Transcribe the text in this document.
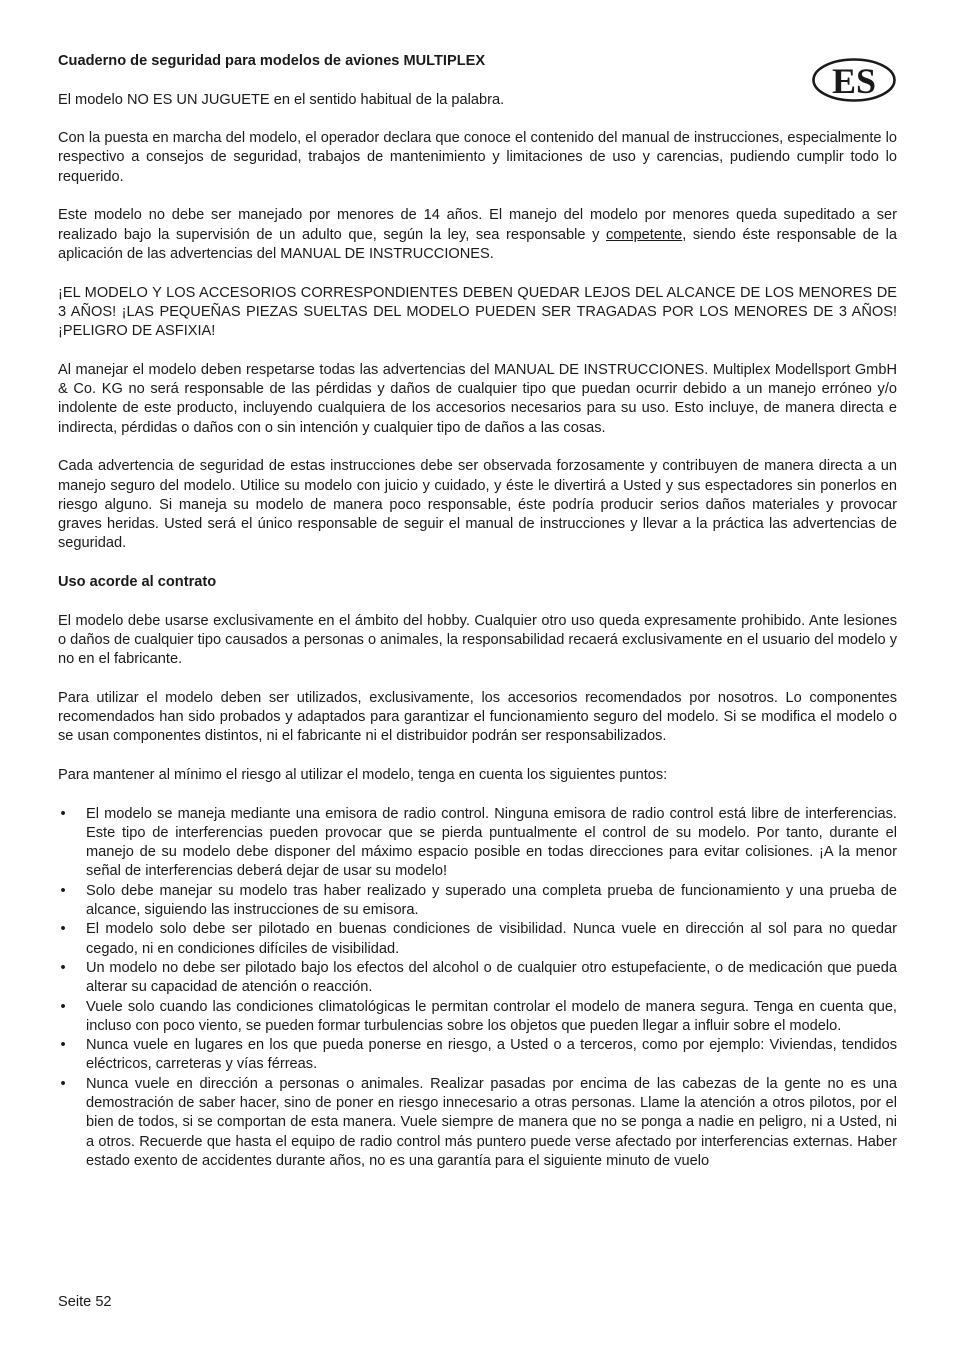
ES
Cuaderno de seguridad para modelos de aviones MULTIPLEX

El modelo NO ES UN JUGUETE en el sentido habitual de la palabra.

Con la puesta en marcha del modelo, el operador declara que conoce el contenido del manual de instrucciones, especialmente lo respectivo a consejos de seguridad, trabajos de mantenimiento y limitaciones de uso y carencias, pudiendo cumplir todo lo requerido.

Este modelo no debe ser manejado por menores de 14 años. El manejo del modelo por menores queda supeditado a ser realizado bajo la supervisión de un adulto que, según la ley, sea responsable y competente, siendo éste responsable de la aplicación de las advertencias del MANUAL DE INSTRUCCIONES.

¡EL MODELO Y LOS ACCESORIOS CORRESPONDIENTES DEBEN QUEDAR LEJOS DEL ALCANCE DE LOS MENORES DE 3 AÑOS! ¡LAS PEQUEÑAS PIEZAS SUELTAS DEL MODELO PUEDEN SER TRAGADAS POR LOS MENORES DE 3 AÑOS! ¡PELIGRO DE ASFIXIA!

Al manejar el modelo deben respetarse todas las advertencias del MANUAL DE INSTRUCCIONES. Multiplex Modellsport GmbH & Co. KG no será responsable de las pérdidas y daños de cualquier tipo que puedan ocurrir debido a un manejo erróneo y/o indolente de este producto, incluyendo cualquiera de los accesorios necesarios para su uso. Esto incluye, de manera directa e indirecta, pérdidas o daños con o sin intención y cualquier tipo de daños a las cosas.

Cada advertencia de seguridad de estas instrucciones debe ser observada forzosamente y contribuyen de manera directa a un manejo seguro del modelo. Utilice su modelo con juicio y cuidado, y éste le divertirá a Usted y sus espectadores sin ponerlos en riesgo alguno. Si maneja su modelo de manera poco responsable, éste podría producir serios daños materiales y provocar graves heridas. Usted será el único responsable de seguir el manual de instrucciones y llevar a la práctica las advertencias de seguridad.

Uso acorde al contrato

El modelo debe usarse exclusivamente en el ámbito del hobby. Cualquier otro uso queda expresamente prohibido. Ante lesiones o daños de cualquier tipo causados a personas o animales, la responsabilidad recaerá exclusivamente en el usuario del modelo y no en el fabricante.

Para utilizar el modelo deben ser utilizados, exclusivamente, los accesorios recomendados por nosotros. Lo componentes recomendados han sido probados y adaptados para garantizar el funcionamiento seguro del modelo. Si se modifica el modelo o se usan componentes distintos, ni el fabricante ni el distribuidor podrán ser responsabilizados.

Para mantener al mínimo el riesgo al utilizar el modelo, tenga en cuenta los siguientes puntos:

• El modelo se maneja mediante una emisora de radio control. Ninguna emisora de radio control está libre de interferencias. Este tipo de interferencias pueden provocar que se pierda puntualmente el control de su modelo. Por tanto, durante el manejo de su modelo debe disponer del máximo espacio posible en todas direcciones para evitar colisiones. ¡A la menor señal de interferencias deberá dejar de usar su modelo!
• Solo debe manejar su modelo tras haber realizado y superado una completa prueba de funcionamiento y una prueba de alcance, siguiendo las instrucciones de su emisora.
• El modelo solo debe ser pilotado en buenas condiciones de visibilidad. Nunca vuele en dirección al sol para no quedar cegado, ni en condiciones difíciles de visibilidad.
• Un modelo no debe ser pilotado bajo los efectos del alcohol o de cualquier otro estupefaciente, o de medicación que pueda alterar su capacidad de atención o reacción.
• Vuele solo cuando las condiciones climatológicas le permitan controlar el modelo de manera segura. Tenga en cuenta que, incluso con poco viento, se pueden formar turbulencias sobre los objetos que pueden llegar a influir sobre el modelo.
• Nunca vuele en lugares en los que pueda ponerse en riesgo, a Usted o a terceros, como por ejemplo: Viviendas, tendidos eléctricos, carreteras y vías férreas.
• Nunca vuele en dirección a personas o animales. Realizar pasadas por encima de las cabezas de la gente no es una demostración de saber hacer, sino de poner en riesgo innecesario a otras personas. Llame la atención a otros pilotos, por el bien de todos, si se comportan de esta manera. Vuele siempre de manera que no se ponga a nadie en peligro, ni a Usted, ni a otros. Recuerde que hasta el equipo de radio control más puntero puede verse afectado por interferencias externas. Haber estado exento de accidentes durante años, no es una garantía para el siguiente minuto de vuelo
Seite 52
